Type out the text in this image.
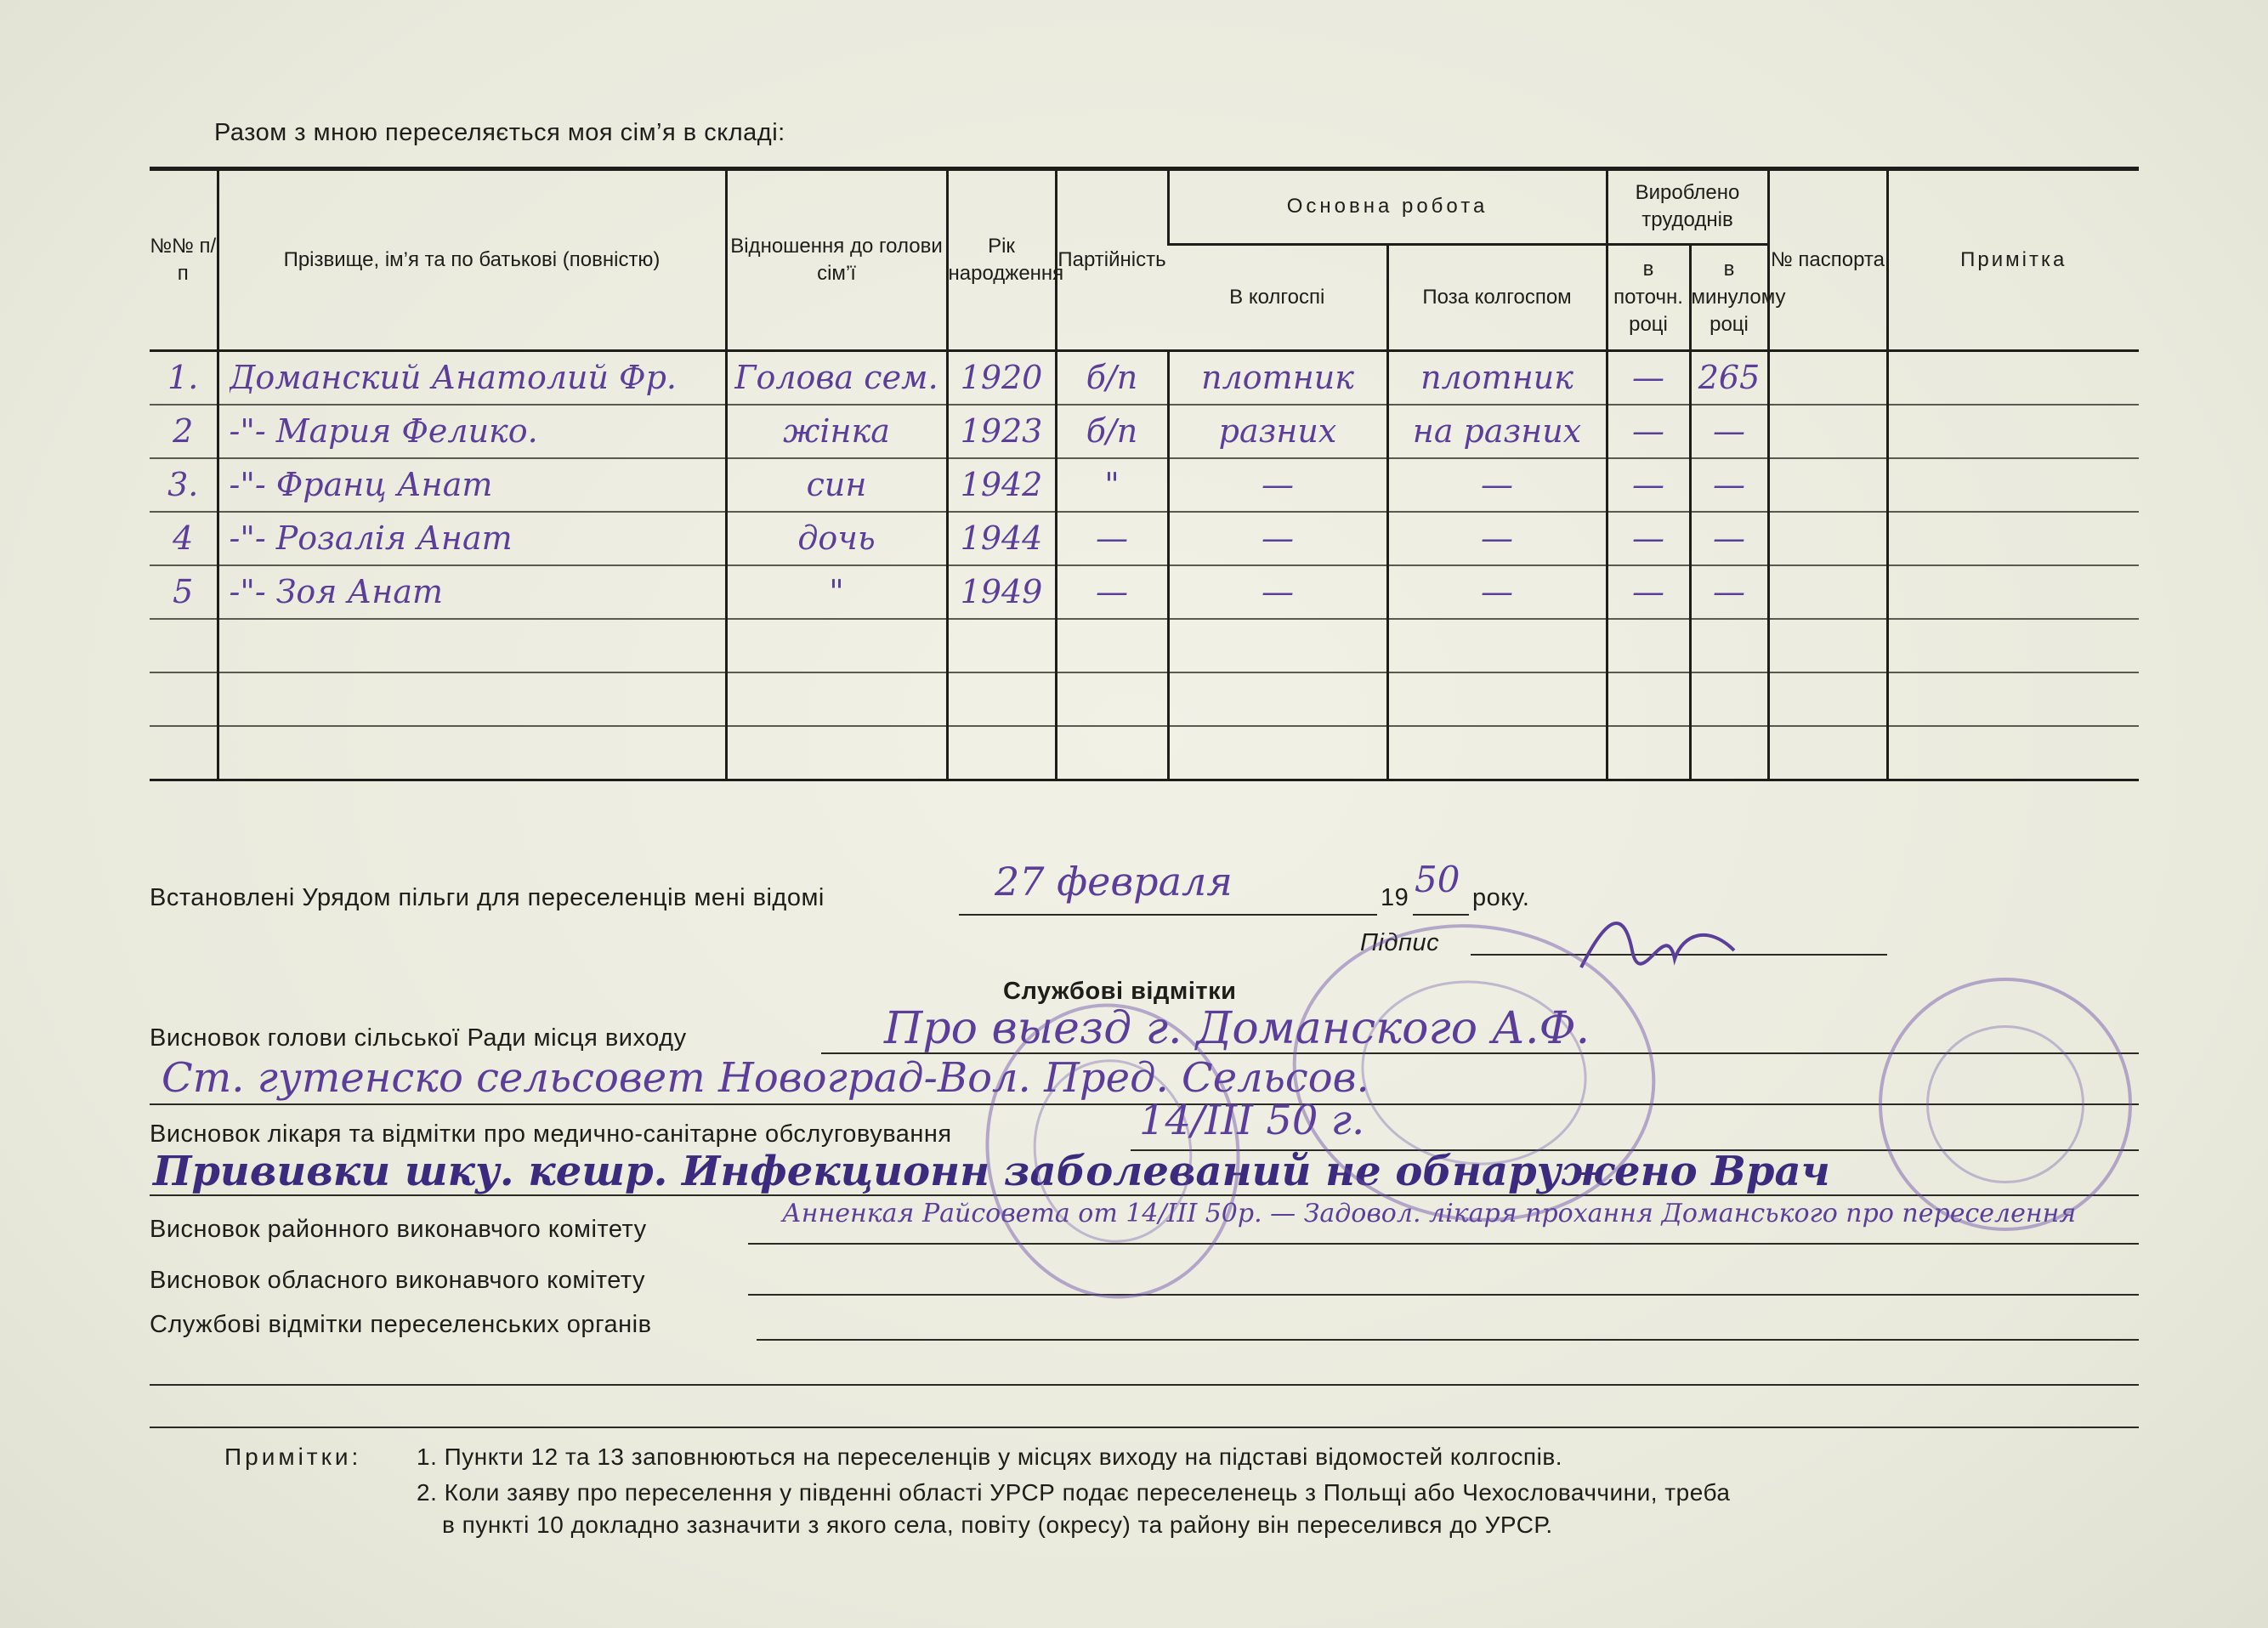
Разом з мною переселяється моя сім’я в складі:
№№ п/п	Прізвище, ім’я та по батькові (повністю)	Відношення до голови сім’ї	Рік народження	Партійність	Основна робота		Вироблено трудоднів		№ паспорта	Примітка
					В колгоспі	Поза колгоспом	в поточн. році	в минулому році		

1.	Доманский Анатолий Фр.	Голова сем.	1920	б/п	плотник	плотник	—	265		

2	-"- Мария Фелико.	жінка	1923	б/п	разних	на разних	—	—		

3.	-"- Франц Анат	син	1942	"	—	—	—	—		

4	-"- Розалія Анат	дочь	1944	—	—	—	—	—		

5	-"- Зоя Анат	"	1949	—	—	—	—	—		

Встановлені Урядом пільги для переселенців мені відомі	27 февраля	19 50 року.
Підпис
Службові відмітки
Висновок голови сільської Ради місця виходу	Про выезд г. Доманского А.Ф.
Ст. гутенско сельсовет Новоград-Вол. Пред. Сельсов.
Висновок лікаря та відмітки про медично-санітарне обслуговування	14/ІІІ 50 г.
Прививки шку. кешр. Инфекционн заболеваний не обнаружено Врач
Висновок районного виконавчого комітету
Анненкая Райсовета от 14/ІІІ 50р. — Задовол. лікаря прохання Доманського про переселення
Висновок обласного виконавчого комітету
Службові відмітки переселенських органів
Примітки: 1. Пункти 12 та 13 заповнюються на переселенців у місцях виходу на підставі відомостей колгоспів.
2. Коли заяву про переселення у південні області УРСР подає переселенець з Польщі або Чехословаччини, треба
в пункті 10 докладно зазначити з якого села, повіту (окресу) та району він переселився до УРСР.
